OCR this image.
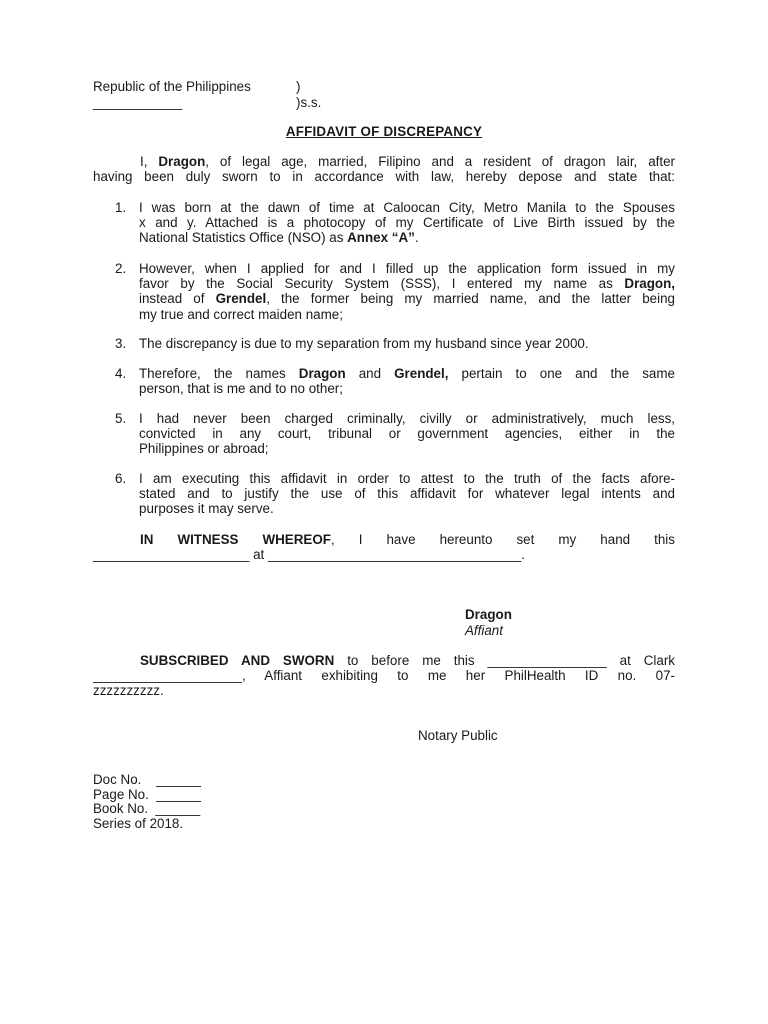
Republic of the Philippines	)
____________	)s.s.
AFFIDAVIT OF DISCREPANCY
I, Dragon, of legal age, married, Filipino and a resident of dragon lair, after
having been duly sworn to in accordance with law, hereby depose and state that:
1. I was born at the dawn of time at Caloocan City, Metro Manila to the Spouses
x and y. Attached is a photocopy of my Certificate of Live Birth issued by the
National Statistics Office (NSO) as Annex “A”.
2. However, when I applied for and I filled up the application form issued in my
favor by the Social Security System (SSS), I entered my name as Dragon,
instead of Grendel, the former being my married name, and the latter being
my true and correct maiden name;
3. The discrepancy is due to my separation from my husband since year 2000.
4. Therefore, the names Dragon and Grendel, pertain to one and the same
person, that is me and to no other;
5. I had never been charged criminally, civilly or administratively, much less,
convicted in any court, tribunal or government agencies, either in the
Philippines or abroad;
6. I am executing this affidavit in order to attest to the truth of the facts afore-
stated and to justify the use of this affidavit for whatever legal intents and
purposes it may serve.
IN WITNESS WHEREOF, I have hereunto set my hand this
_____________________ at __________________________________.
Dragon
Affiant
SUBSCRIBED AND SWORN to before me this ________________ at Clark
____________________, Affiant exhibiting to me her PhilHealth ID no. 07-
zzzzzzzzzz.
Notary Public
Doc No.    ______
Page No.  ______
Book No.  ______
Series of 2018.
